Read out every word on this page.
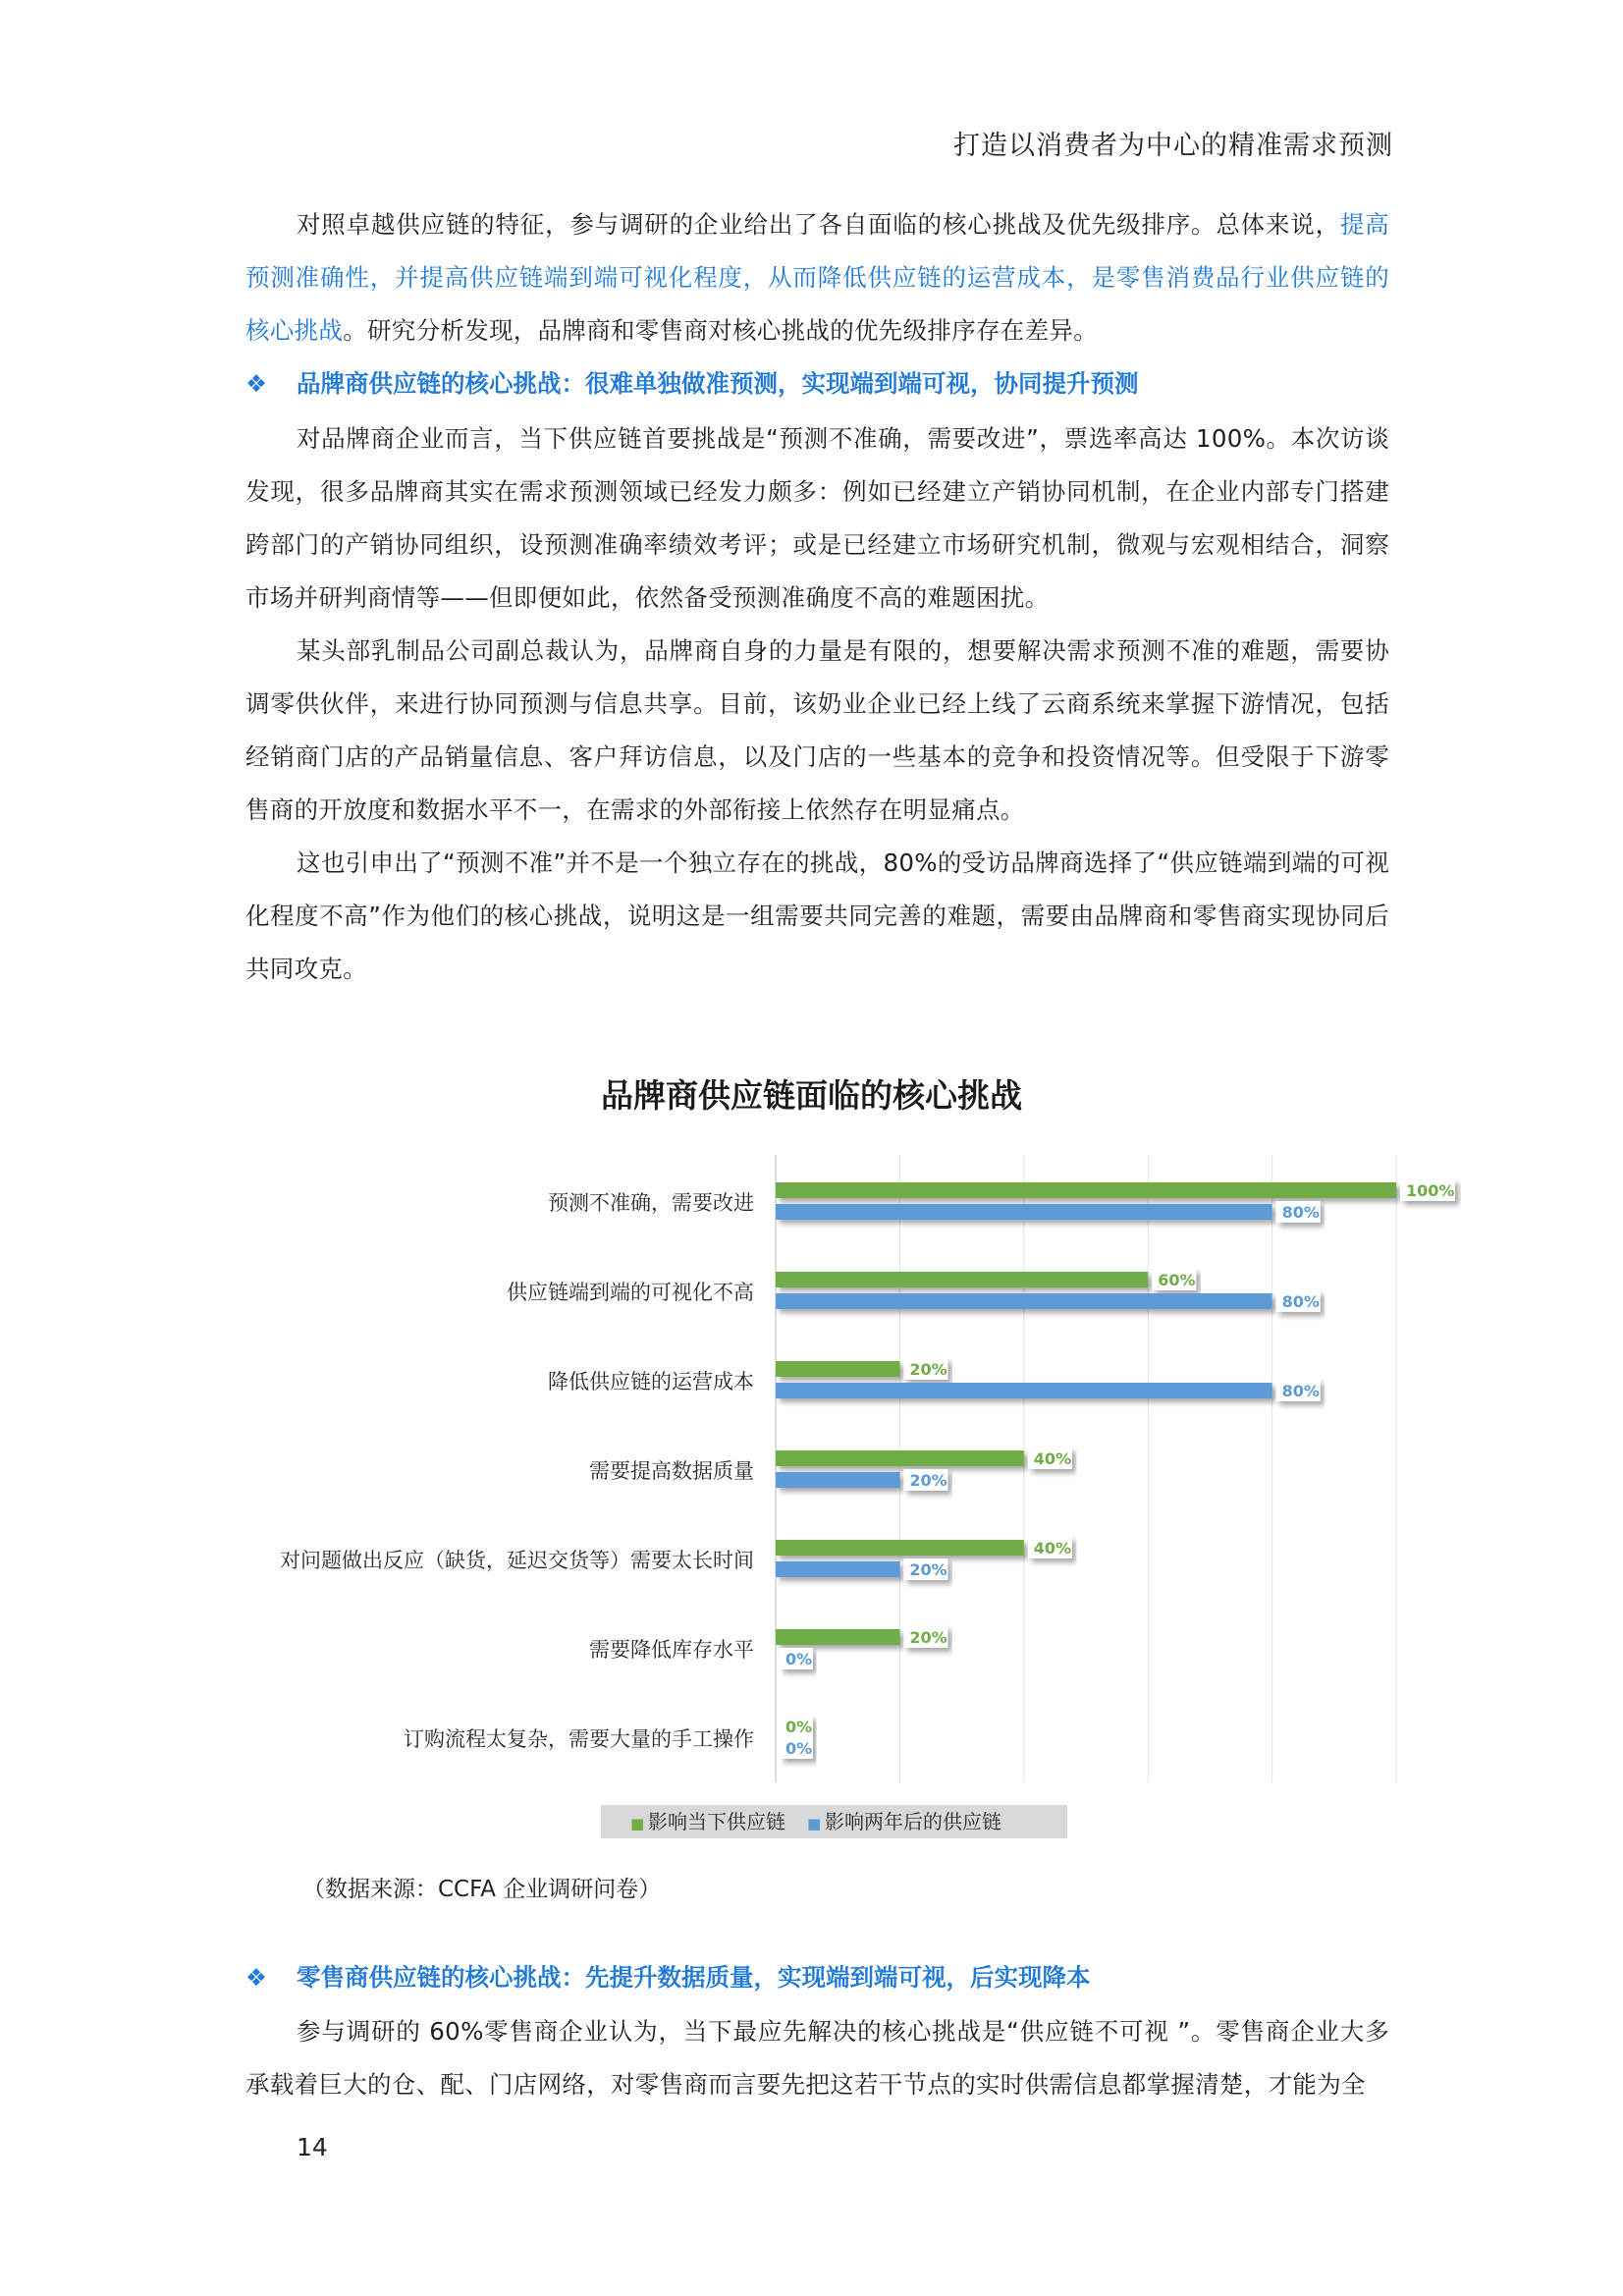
打造以消费者为中心的精准需求预测

对照卓越供应链的特征，参与调研的企业给出了各自面临的核心挑战及优先级排序。总体来说，提高预测准确性，并提高供应链端到端可视化程度，从而降低供应链的运营成本，是零售消费品行业供应链的核心挑战。研究分析发现，品牌商和零售商对核心挑战的优先级排序存在差异。

❖ 品牌商供应链的核心挑战：很难单独做准预测，实现端到端可视，协同提升预测

对品牌商企业而言，当下供应链首要挑战是“预测不准确，需要改进”，票选率高达 100%。本次访谈发现，很多品牌商其实在需求预测领域已经发力颇多：例如已经建立产销协同机制，在企业内部专门搭建跨部门的产销协同组织，设预测准确率绩效考评；或是已经建立市场研究机制，微观与宏观相结合，洞察市场并研判商情等——但即便如此，依然备受预测准确度不高的难题困扰。

某头部乳制品公司副总裁认为，品牌商自身的力量是有限的，想要解决需求预测不准的难题，需要协调零供伙伴，来进行协同预测与信息共享。目前，该奶业企业已经上线了云商系统来掌握下游情况，包括经销商门店的产品销量信息、客户拜访信息，以及门店的一些基本的竞争和投资情况等。但受限于下游零售商的开放度和数据水平不一，在需求的外部衔接上依然存在明显痛点。

这也引申出了“预测不准”并不是一个独立存在的挑战，80%的受访品牌商选择了“供应链端到端的可视化程度不高”作为他们的核心挑战，说明这是一组需要共同完善的难题，需要由品牌商和零售商实现协同后共同攻克。

品牌商供应链面临的核心挑战
预测不准确，需要改进
供应链端到端的可视化不高
降低供应链的运营成本
需要提高数据质量
对问题做出反应（缺货，延迟交货等）需要太长时间
需要降低库存水平
订购流程太复杂，需要大量的手工操作
100%
60%
20%
40%
40%
20%
0%
80%
80%
80%
20%
20%
0%
0%
■ 影响当下供应链 ■ 影响两年后的供应链
（数据来源：CCFA 企业调研问卷）
❖ 零售商供应链的核心挑战：先提升数据质量，实现端到端可视，后实现降本

参与调研的 60%零售商企业认为，当下最应先解决的核心挑战是“供应链不可视 ”。零售商企业大多承载着巨大的仓、配、门店网络，对零售商而言要先把这若干节点的实时供需信息都掌握清楚，才能为全

14
